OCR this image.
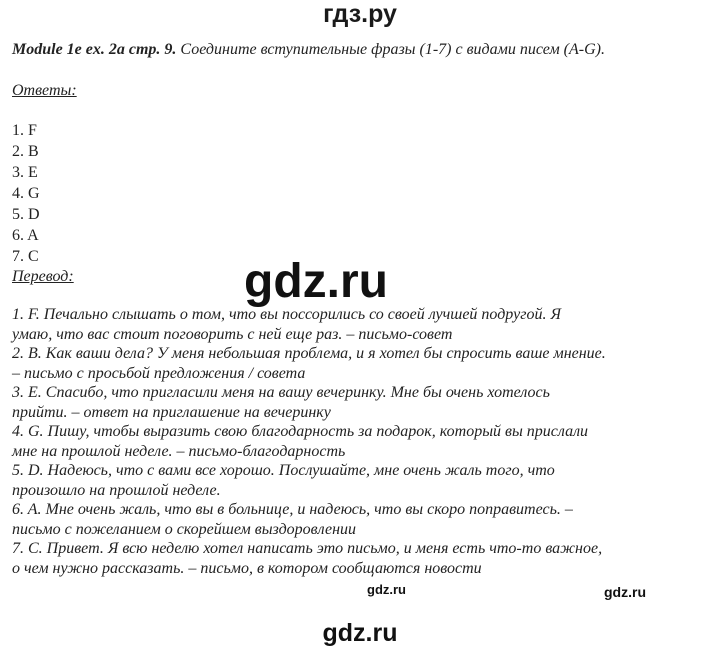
гдз.ру
Module 1e ex. 2a стр. 9. Соедините вступительные фразы (1-7) с видами писем (A-G).
Ответы:
1. F
2. B
3. E
4. G
5. D
6. A
7. C
Перевод:
1. F. Печально слышать о том, что вы поссорились со своей лучшей подругой. Я
умаю, что вас стоит поговорить с ней еще раз. – письмо-совет
2. B. Как ваши дела? У меня небольшая проблема, и я хотел бы спросить ваше мнение.
– письмо с просьбой предложения / совета
3. E. Спасибо, что пригласили меня на вашу вечеринку. Мне бы очень хотелось
прийти. – ответ на приглашение на вечеринку
4. G. Пишу, чтобы выразить свою благодарность за подарок, который вы прислали
мне на прошлой неделе. – письмо-благодарность
5. D. Надеюсь, что с вами все хорошо. Послушайте, мне очень жаль того, что
произошло на прошлой неделе.
6. A. Мне очень жаль, что вы в больнице, и надеюсь, что вы скоро поправитесь. –
письмо с пожеланием о скорейшем выздоровлении
7. C. Привет. Я всю неделю хотел написать это письмо, и меня есть что-то важное,
о чем нужно рассказать. – письмо, в котором сообщаются новости
gdz.ru
gdz.ru	gdz.ru
gdz.ru
